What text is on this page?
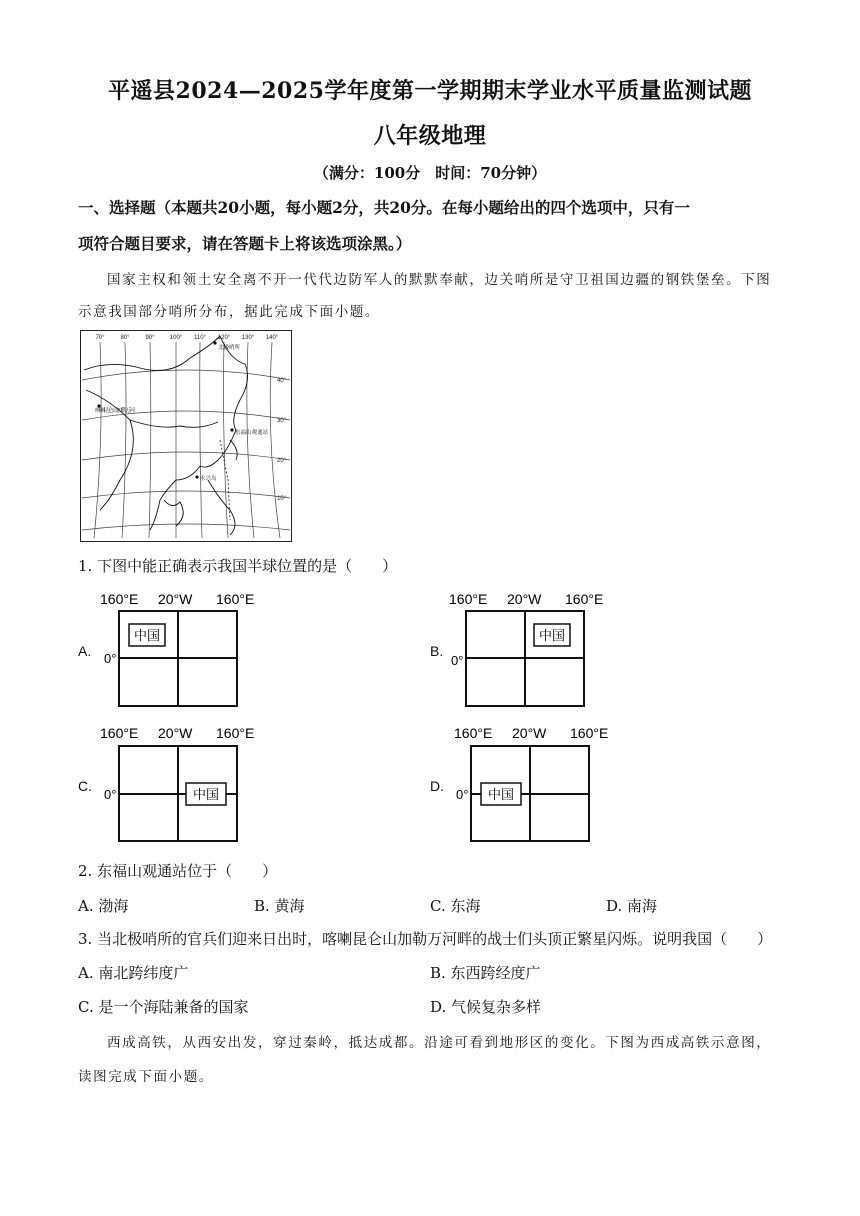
平遥县2024—2025学年度第一学期期末学业水平质量监测试题
八年级地理
（满分：100分　时间：70分钟）
一、选择题（本题共20小题，每小题2分，共20分。在每小题给出的四个选项中，只有一
项符合题目要求，请在答题卡上将该选项涂黑。）
国家主权和领土安全离不开一代代边防军人的默默奉献，边关哨所是守卫祖国边疆的钢铁堡垒。下图
示意我国部分哨所分布，据此完成下面小题。
70°	80°	90°	100° 110° 120° 130° 140°
40°
30°
20°
10°
北极哨所
喀喇昆仑山加勒万河
东福山观通站
永兴岛
1. 下图中能正确表示我国半球位置的是（　　）
A.
160°E 20°W 160°E
0°
中国
B.
160°E 20°W 160°E
0°
中国
C.
160°E 20°W 160°E
0°	中国
D.
160°E 20°W 160°E
0° 中国
2. 东福山观通站位于（　　）
A. 渤海	B. 黄海	C. 东海	D. 南海
3. 当北极哨所的官兵们迎来日出时，喀喇昆仑山加勒万河畔的战士们头顶正繁星闪烁。说明我国（　　）
A. 南北跨纬度广	B. 东西跨经度广
C. 是一个海陆兼备的国家	D. 气候复杂多样
西成高铁，从西安出发，穿过秦岭，抵达成都。沿途可看到地形区的变化。下图为西成高铁示意图，
读图完成下面小题。
